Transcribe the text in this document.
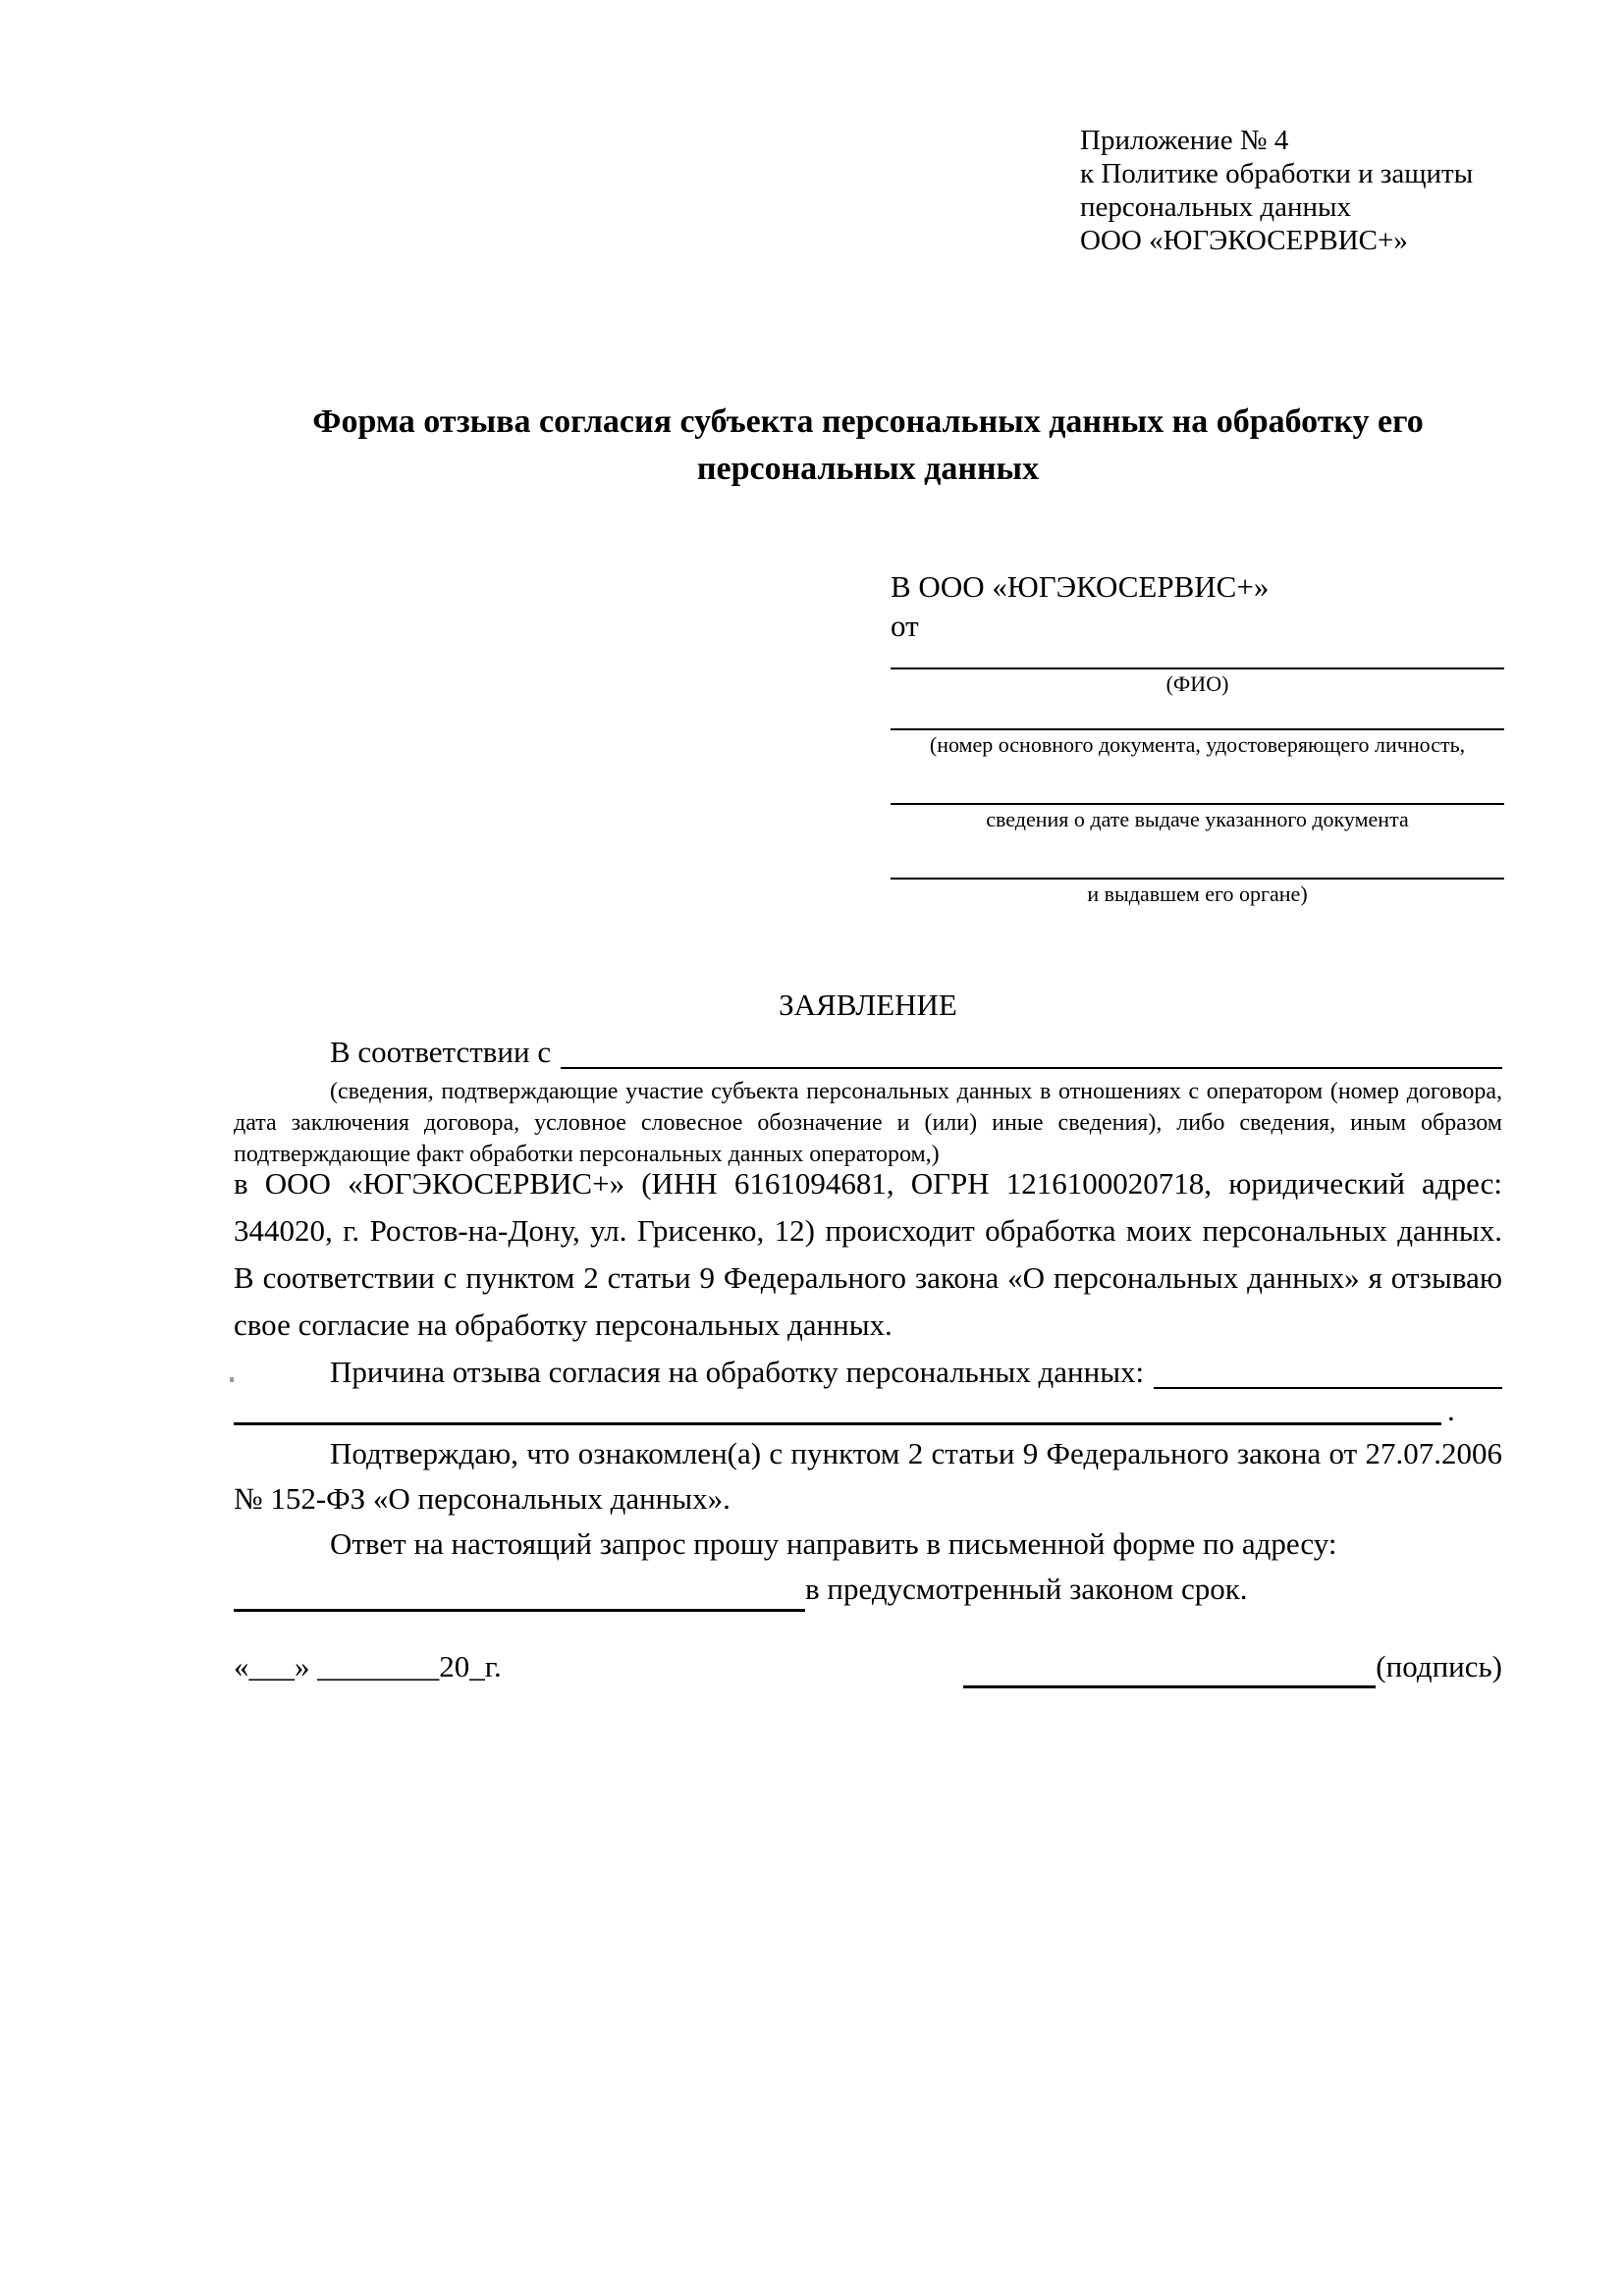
Приложение № 4
к Политике обработки и защиты
персональных данных
ООО «ЮГЭКОСЕРВИС+»
Форма отзыва согласия субъекта персональных данных на обработку его персональных данных
В ООО «ЮГЭКОСЕРВИС+»
от
(ФИО)
(номер основного документа, удостоверяющего личность,
сведения о дате выдаче указанного документа
и выдавшем его органе)
ЗАЯВЛЕНИЕ
В соответствии с
(сведения, подтверждающие участие субъекта персональных данных в отношениях с оператором (номер договора, дата заключения договора, условное словесное обозначение и (или) иные сведения), либо сведения, иным образом подтверждающие факт обработки персональных данных оператором,)
в ООО «ЮГЭКОСЕРВИС+» (ИНН 6161094681, ОГРН 1216100020718, юридический адрес: 344020, г. Ростов-на-Дону, ул. Грисенко, 12) происходит обработка моих персональных данных. В соответствии с пунктом 2 статьи 9 Федерального закона «О персональных данных» я отзываю свое согласие на обработку персональных данных.
Причина отзыва согласия на обработку персональных данных:
.
Подтверждаю, что ознакомлен(а) с пунктом 2 статьи 9 Федерального закона от 27.07.2006 № 152-ФЗ «О персональных данных».
Ответ на настоящий запрос прошу направить в письменной форме по адресу:
в предусмотренный законом срок.
«___» ________20_г.	(подпись)
